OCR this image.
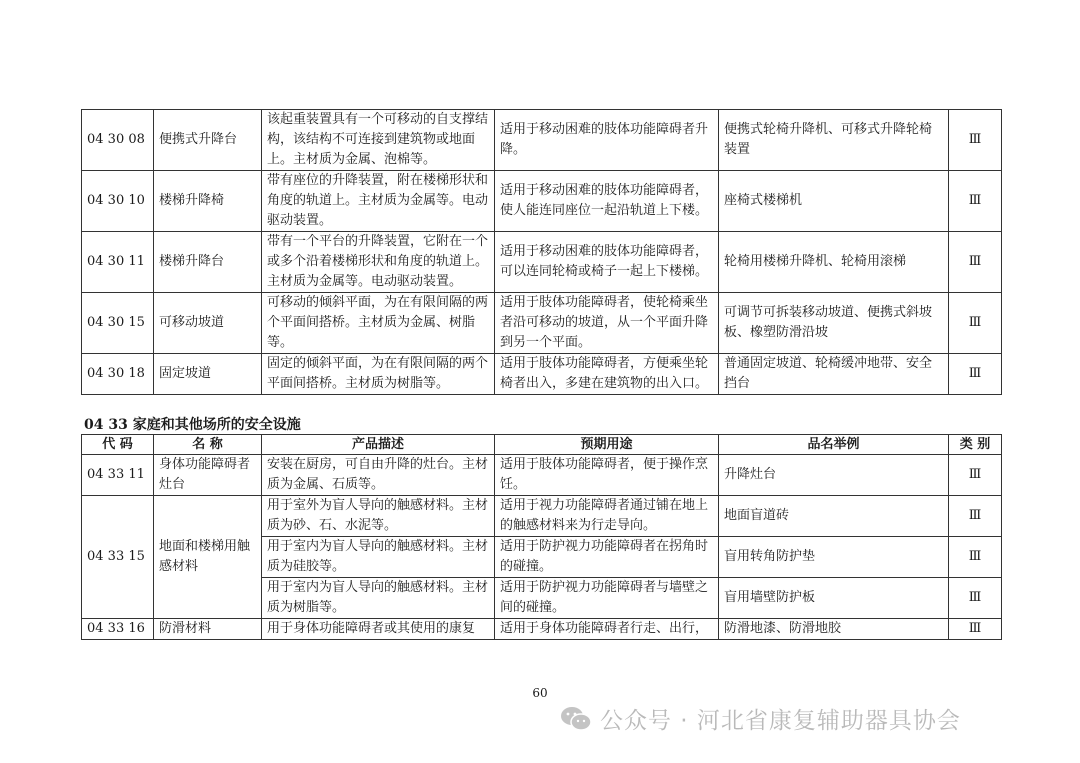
04 30 08	便携式升降台	该起重装置具有一个可移动的自支撑结构，该结构不可连接到建筑物或地面上。主材质为金属、泡棉等。	适用于移动困难的肢体功能障碍者升降。	便携式轮椅升降机、可移式升降轮椅装置	Ⅲ
04 30 10	楼梯升降椅	带有座位的升降装置，附在楼梯形状和角度的轨道上。主材质为金属等。电动驱动装置。	适用于移动困难的肢体功能障碍者，使人能连同座位一起沿轨道上下楼。	座椅式楼梯机	Ⅲ
04 30 11	楼梯升降台	带有一个平台的升降装置，它附在一个或多个沿着楼梯形状和角度的轨道上。主材质为金属等。电动驱动装置。	适用于移动困难的肢体功能障碍者，可以连同轮椅或椅子一起上下楼梯。	轮椅用楼梯升降机、轮椅用滚梯	Ⅲ
04 30 15	可移动坡道	可移动的倾斜平面，为在有限间隔的两个平面间搭桥。主材质为金属、树脂等。	适用于肢体功能障碍者，使轮椅乘坐者沿可移动的坡道，从一个平面升降到另一个平面。	可调节可拆装移动坡道、便携式斜坡板、橡塑防滑沿坡	Ⅲ
04 30 18	固定坡道	固定的倾斜平面，为在有限间隔的两个平面间搭桥。主材质为树脂等。	适用于肢体功能障碍者，方便乘坐轮椅者出入，多建在建筑物的出入口。	普通固定坡道、轮椅缓冲地带、安全挡台	Ⅲ
04 33 家庭和其他场所的安全设施
代 码	名 称	产品描述	预期用途	品名举例	类 别
04 33 11	身体功能障碍者灶台	安装在厨房，可自由升降的灶台。主材质为金属、石质等。	适用于肢体功能障碍者，便于操作烹饪。	升降灶台	Ⅲ
04 33 15	地面和楼梯用触感材料	用于室外为盲人导向的触感材料。主材质为砂、石、水泥等。	适用于视力功能障碍者通过铺在地上的触感材料来为行走导向。	地面盲道砖	Ⅲ
		用于室内为盲人导向的触感材料。主材质为硅胶等。	适用于防护视力功能障碍者在拐角时的碰撞。	盲用转角防护垫	Ⅲ
		用于室内为盲人导向的触感材料。主材质为树脂等。	适用于防护视力功能障碍者与墙壁之间的碰撞。	盲用墙壁防护板	Ⅲ
04 33 16	防滑材料	用于身体功能障碍者或其使用的康复	适用于身体功能障碍者行走、出行，	防滑地漆、防滑地胶	Ⅲ
60
公众号 · 河北省康复辅助器具协会
